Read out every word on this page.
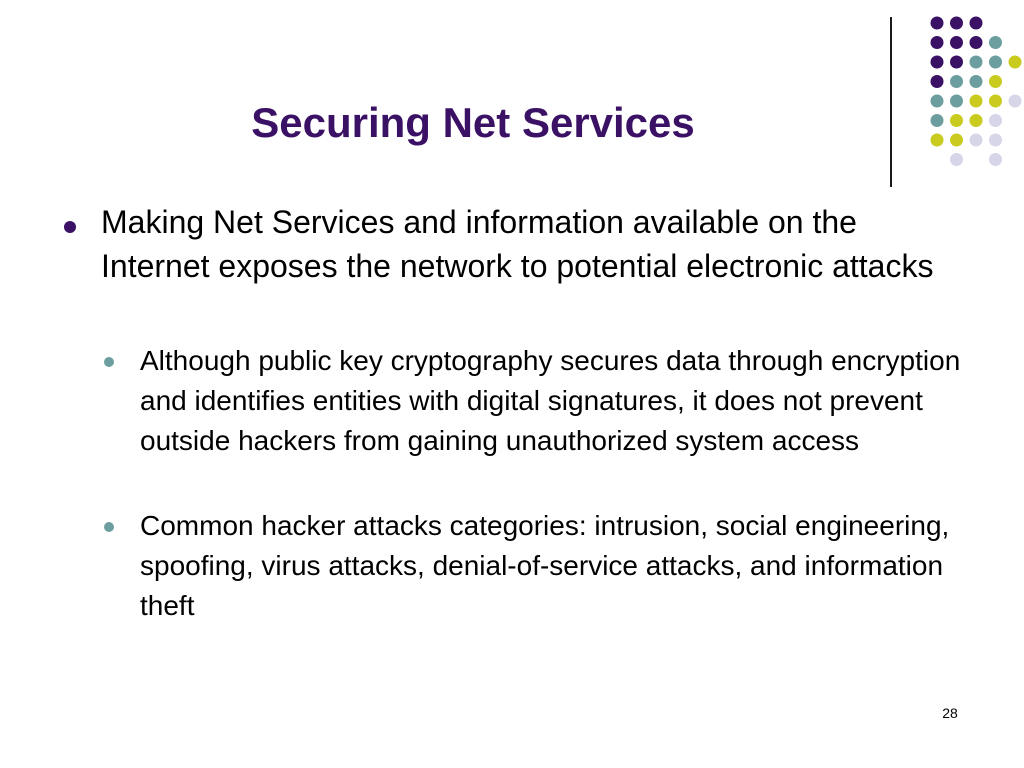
Securing Net Services

Making Net Services and information available on the Internet exposes the network to potential electronic attacks

Although public key cryptography secures data through encryption and identifies entities with digital signatures, it does not prevent outside hackers from gaining unauthorized system access

Common hacker attacks categories: intrusion, social engineering, spoofing, virus attacks, denial-of-service attacks, and information theft

28
